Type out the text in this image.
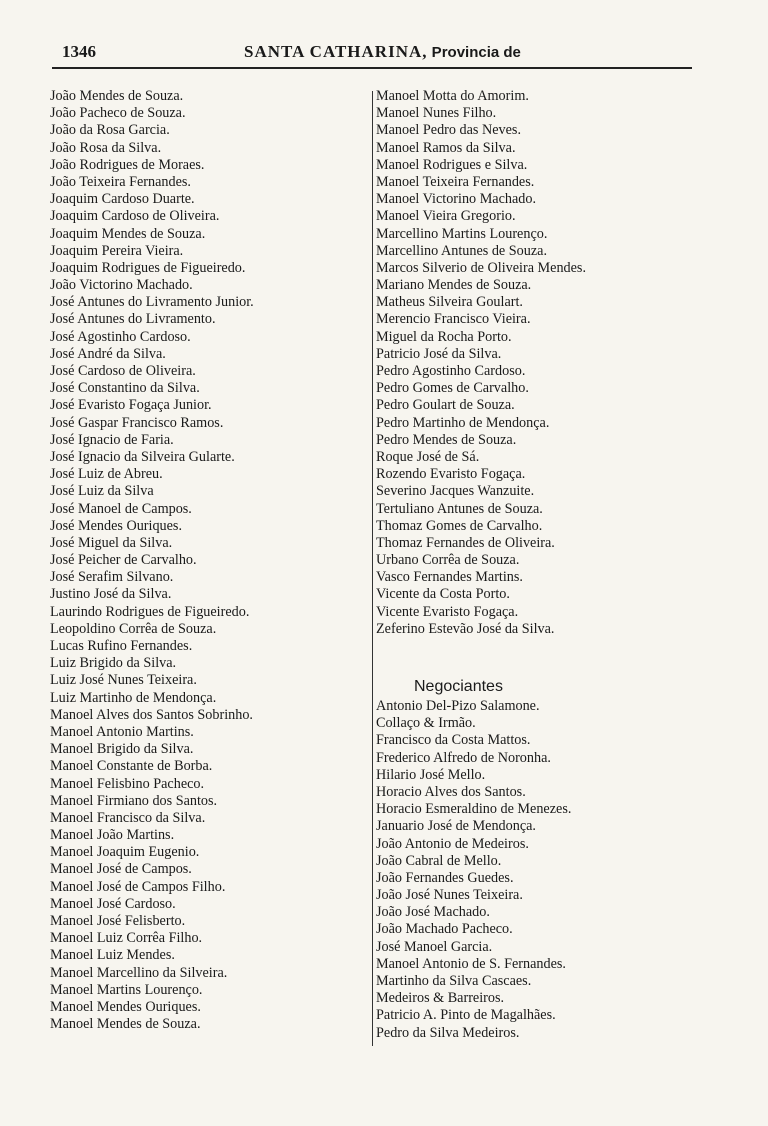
1346	SANTA CATHARINA, Provincia de
João Mendes de Souza.
João Pacheco de Souza.
João da Rosa Garcia.
João Rosa da Silva.
João Rodrigues de Moraes.
João Teixeira Fernandes.
Joaquim Cardoso Duarte.
Joaquim Cardoso de Oliveira.
Joaquim Mendes de Souza.
Joaquim Pereira Vieira.
Joaquim Rodrigues de Figueiredo.
João Victorino Machado.
José Antunes do Livramento Junior.
José Antunes do Livramento.
José Agostinho Cardoso.
José André da Silva.
José Cardoso de Oliveira.
José Constantino da Silva.
José Evaristo Fogaça Junior.
José Gaspar Francisco Ramos.
José Ignacio de Faria.
José Ignacio da Silveira Gularte.
José Luiz de Abreu.
José Luiz da Silva
José Manoel de Campos.
José Mendes Ouriques.
José Miguel da Silva.
José Peicher de Carvalho.
José Serafim Silvano.
Justino José da Silva.
Laurindo Rodrigues de Figueiredo.
Leopoldino Corrêa de Souza.
Lucas Rufino Fernandes.
Luiz Brigido da Silva.
Luiz José Nunes Teixeira.
Luiz Martinho de Mendonça.
Manoel Alves dos Santos Sobrinho.
Manoel Antonio Martins.
Manoel Brigido da Silva.
Manoel Constante de Borba.
Manoel Felisbino Pacheco.
Manoel Firmiano dos Santos.
Manoel Francisco da Silva.
Manoel João Martins.
Manoel Joaquim Eugenio.
Manoel José de Campos.
Manoel José de Campos Filho.
Manoel José Cardoso.
Manoel José Felisberto.
Manoel Luiz Corrêa Filho.
Manoel Luiz Mendes.
Manoel Marcellino da Silveira.
Manoel Martins Lourenço.
Manoel Mendes Ouriques.
Manoel Mendes de Souza.
Manoel Motta do Amorim.
Manoel Nunes Filho.
Manoel Pedro das Neves.
Manoel Ramos da Silva.
Manoel Rodrigues e Silva.
Manoel Teixeira Fernandes.
Manoel Victorino Machado.
Manoel Vieira Gregorio.
Marcellino Martins Lourenço.
Marcellino Antunes de Souza.
Marcos Silverio de Oliveira Mendes.
Mariano Mendes de Souza.
Matheus Silveira Goulart.
Merencio Francisco Vieira.
Miguel da Rocha Porto.
Patricio José da Silva.
Pedro Agostinho Cardoso.
Pedro Gomes de Carvalho.
Pedro Goulart de Souza.
Pedro Martinho de Mendonça.
Pedro Mendes de Souza.
Roque José de Sá.
Rozendo Evaristo Fogaça.
Severino Jacques Wanzuite.
Tertuliano Antunes de Souza.
Thomaz Gomes de Carvalho.
Thomaz Fernandes de Oliveira.
Urbano Corrêa de Souza.
Vasco Fernandes Martins.
Vicente da Costa Porto.
Vicente Evaristo Fogaça.
Zeferino Estevão José da Silva.
Negociantes
Antonio Del-Pizo Salamone.
Collaço & Irmão.
Francisco da Costa Mattos.
Frederico Alfredo de Noronha.
Hilario José Mello.
Horacio Alves dos Santos.
Horacio Esmeraldino de Menezes.
Januario José de Mendonça.
João Antonio de Medeiros.
João Cabral de Mello.
João Fernandes Guedes.
João José Nunes Teixeira.
João José Machado.
João Machado Pacheco.
José Manoel Garcia.
Manoel Antonio de S. Fernandes.
Martinho da Silva Cascaes.
Medeiros & Barreiros.
Patricio A. Pinto de Magalhães.
Pedro da Silva Medeiros.
